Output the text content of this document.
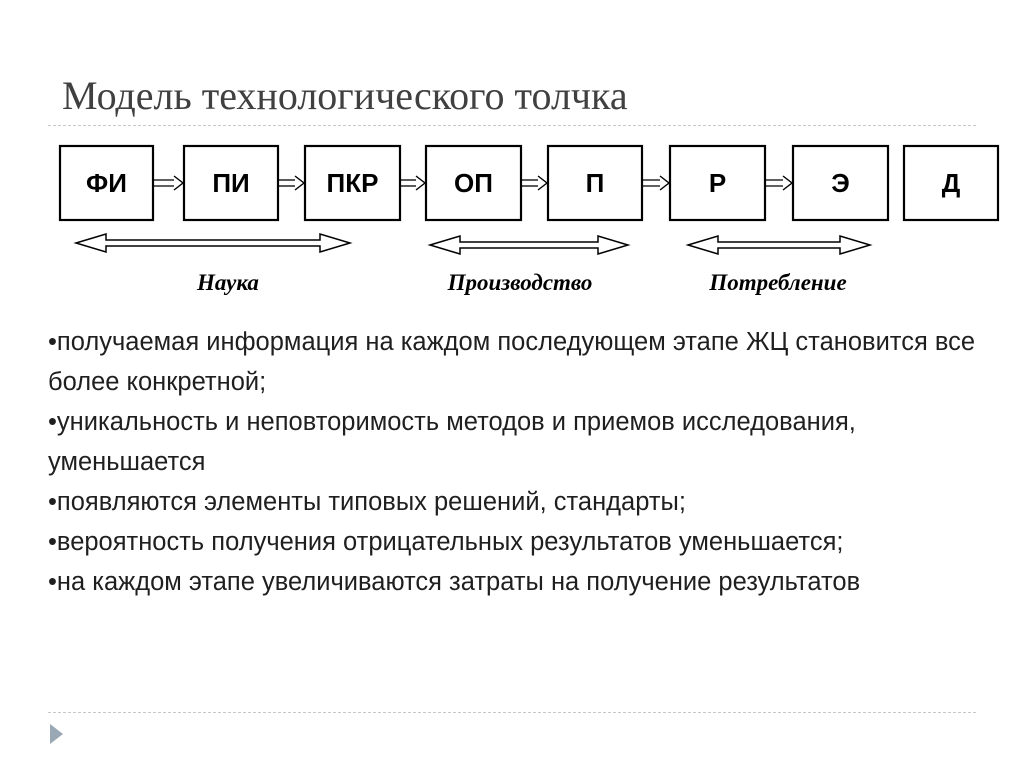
Модель технологического толчка
ФИ	ПИ	ПКР	ОП	П	Р	Э	Д
Наука	Производство	Потребление
•получаемая информация на каждом последующем этапе ЖЦ становится все более конкретной;
•уникальность и неповторимость методов и приемов исследования, уменьшается
•появляются элементы типовых решений, стандарты;
•вероятность получения отрицательных результатов уменьшается;
•на каждом этапе увеличиваются затраты на получение результатов
